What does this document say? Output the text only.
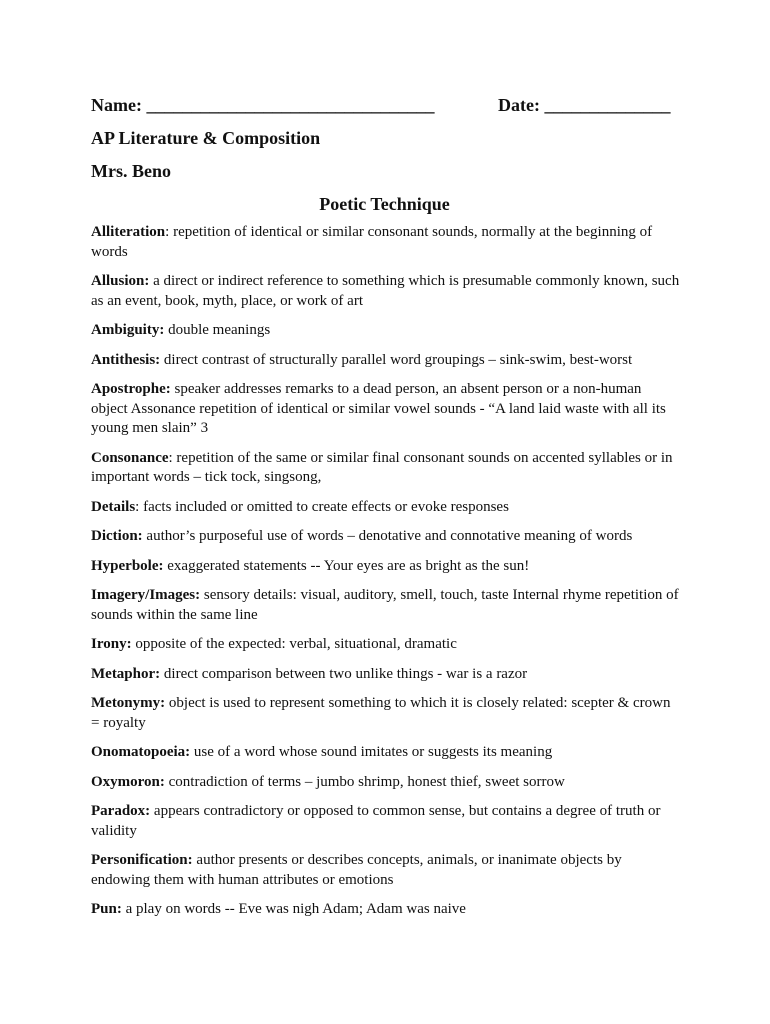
Name: ________________________________	Date: ______________
AP Literature & Composition
Mrs. Beno
Poetic Technique
Alliteration: repetition of identical or similar consonant sounds, normally at the beginning of words
Allusion: a direct or indirect reference to something which is presumable commonly known, such as an event, book, myth, place, or work of art
Ambiguity: double meanings
Antithesis: direct contrast of structurally parallel word groupings – sink-swim, best-worst
Apostrophe: speaker addresses remarks to a dead person, an absent person or a non-human object Assonance repetition of identical or similar vowel sounds - “A land laid waste with all its young men slain” 3
Consonance: repetition of the same or similar final consonant sounds on accented syllables or in important words – tick tock, singsong,
Details: facts included or omitted to create effects or evoke responses
Diction: author’s purposeful use of words – denotative and connotative meaning of words
Hyperbole: exaggerated statements -- Your eyes are as bright as the sun!
Imagery/Images: sensory details: visual, auditory, smell, touch, taste Internal rhyme repetition of sounds within the same line
Irony: opposite of the expected: verbal, situational, dramatic
Metaphor: direct comparison between two unlike things - war is a razor
Metonymy: object is used to represent something to which it is closely related: scepter & crown = royalty
Onomatopoeia: use of a word whose sound imitates or suggests its meaning
Oxymoron: contradiction of terms – jumbo shrimp, honest thief, sweet sorrow
Paradox: appears contradictory or opposed to common sense, but contains a degree of truth or validity
Personification: author presents or describes concepts, animals, or inanimate objects by endowing them with human attributes or emotions
Pun: a play on words -- Eve was nigh Adam; Adam was naive
